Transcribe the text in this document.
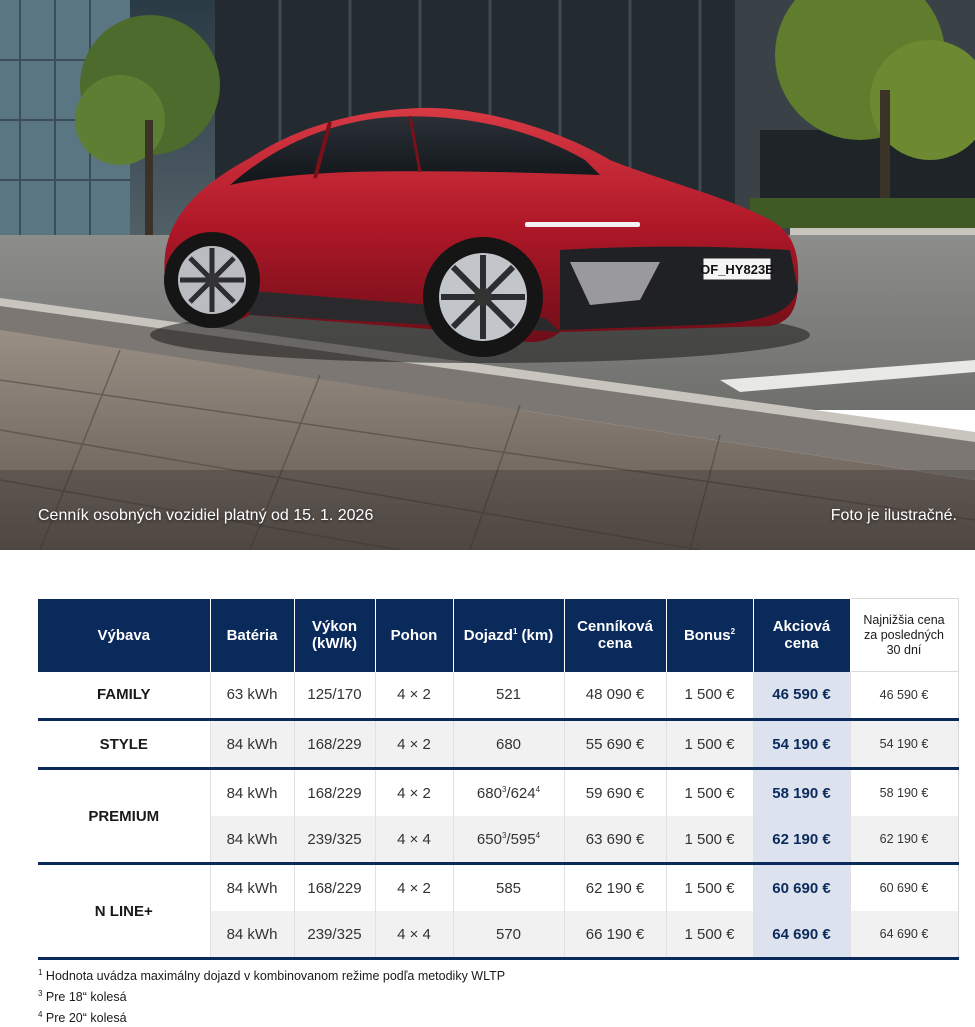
OF_HY823E
Cenník osobných vozidiel platný od 15. 1. 2026	Foto je ilustračné.
Výbava	Batéria	Výkon (kW/k)	Pohon	Dojazd$^1$ (km)	Cenníková cena	Bonus$^2$	Akciová cena	Najnižšia cena za posledných 30 dní
FAMILY	63 kWh	125/170	4 × 2	521	48 090 €	1 500 €	46 590 €	46 590 €
STYLE	84 kWh	168/229	4 × 2	680	55 690 €	1 500 €	54 190 €	54 190 €
PREMIUM	84 kWh	168/229	4 × 2	$680^3/624^4$	59 690 €	1 500 €	58 190 €	58 190 €
	84 kWh	239/325	4 × 4	$650^3/595^4$	63 690 €	1 500 €	62 190 €	62 190 €
N LINE+	84 kWh	168/229	4 × 2	585	62 190 €	1 500 €	60 690 €	60 690 €
	84 kWh	239/325	4 × 4	570	66 190 €	1 500 €	64 690 €	64 690 €
$^1$ Hodnota uvádza maximálny dojazd v kombinovanom režime podľa metodiky WLTP
$^3$ Pre 18“ kolesá
$^4$ Pre 20“ kolesá
